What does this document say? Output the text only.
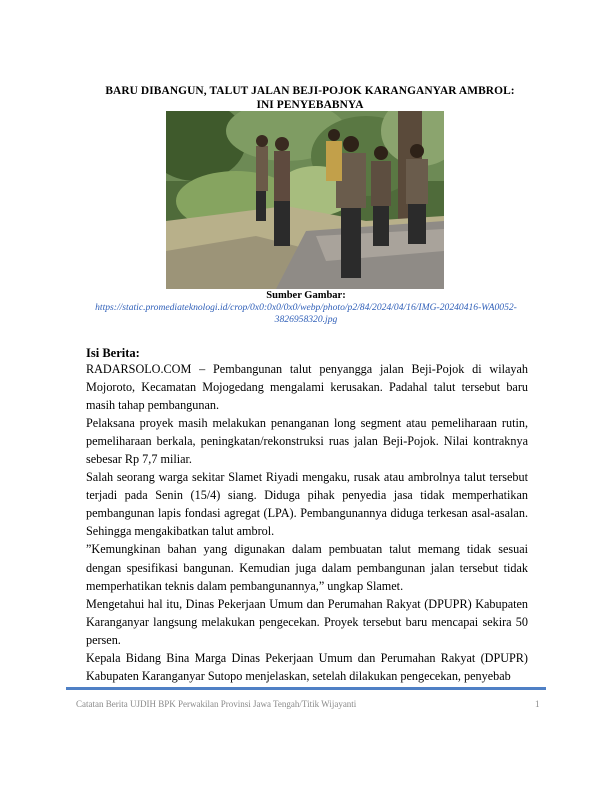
BARU DIBANGUN, TALUT JALAN BEJI-POJOK KARANGANYAR AMBROL:
INI PENYEBABNYA
Sumber Gambar:
https://static.promediateknologi.id/crop/0x0:0x0/0x0/webp/photo/p2/84/2024/04/16/IMG-20240416-WA0052-
3826958320.jpg
Isi Berita:

RADARSOLO.COM – Pembangunan talut penyangga jalan Beji-Pojok di wilayah Mojoroto, Kecamatan Mojogedang mengalami kerusakan. Padahal talut tersebut baru masih tahap pembangunan.

Pelaksana proyek masih melakukan penanganan long segment atau pemeliharaan rutin, pemeliharaan berkala, peningkatan/rekonstruksi ruas jalan Beji-Pojok. Nilai kontraknya sebesar Rp 7,7 miliar.

Salah seorang warga sekitar Slamet Riyadi mengaku, rusak atau ambrolnya talut tersebut terjadi pada Senin (15/4) siang. Diduga pihak penyedia jasa tidak memperhatikan pembangunan lapis fondasi agregat (LPA). Pembangunannya diduga terkesan asal-asalan. Sehingga mengakibatkan talut ambrol.

”Kemungkinan bahan yang digunakan dalam pembuatan talut memang tidak sesuai dengan spesifikasi bangunan. Kemudian juga dalam pembangunan jalan tersebut tidak memperhatikan teknis dalam pembangunannya,” ungkap Slamet.

Mengetahui hal itu, Dinas Pekerjaan Umum dan Perumahan Rakyat (DPUPR) Kabupaten Karanganyar langsung melakukan pengecekan. Proyek tersebut baru mencapai sekira 50 persen.

Kepala Bidang Bina Marga Dinas Pekerjaan Umum dan Perumahan Rakyat (DPUPR) Kabupaten Karanganyar Sutopo menjelaskan, setelah dilakukan pengecekan, penyebab

Catatan Berita UJDIH BPK Perwakilan Provinsi Jawa Tengah/Titik Wijayanti	1
